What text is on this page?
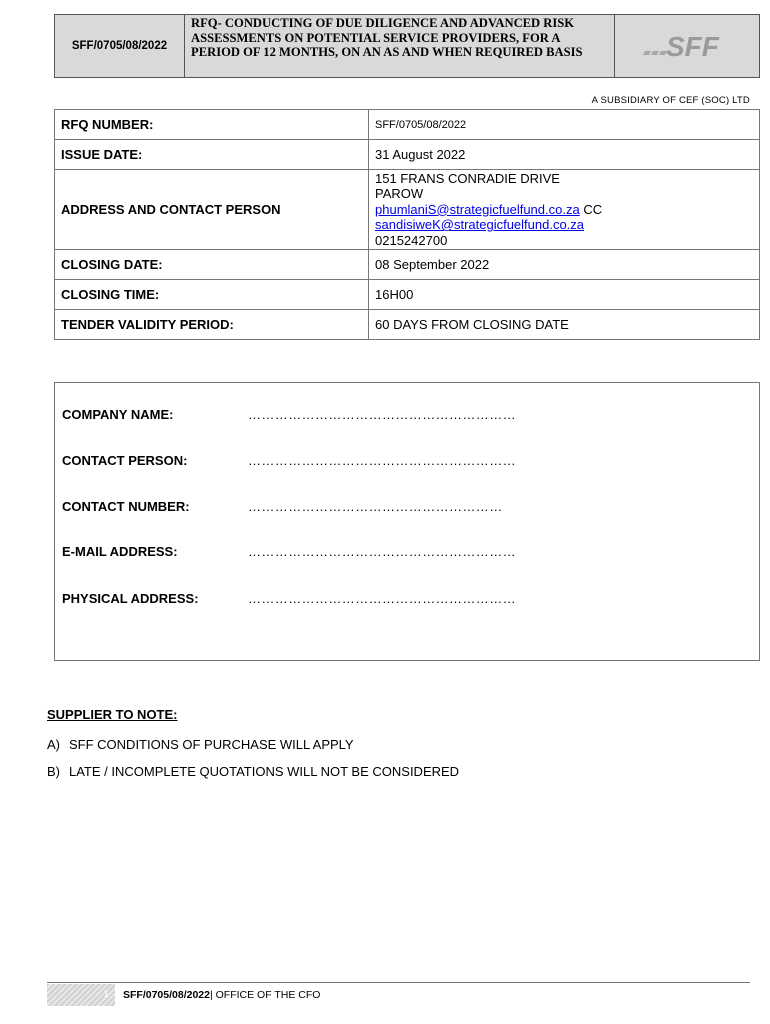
SFF/0705/08/2022
RFQ- CONDUCTING OF DUE DILIGENCE AND ADVANCED RISK ASSESSMENTS ON POTENTIAL SERVICE PROVIDERS, FOR A PERIOD OF 12 MONTHS, ON AN AS AND WHEN REQUIRED BASIS	SFF
A SUBSIDIARY OF CEF (SOC) LTD
RFQ NUMBER:	SFF/0705/08/2022
ISSUE DATE:	31 August 2022
ADDRESS AND CONTACT PERSON	151 FRANS CONRADIE DRIVE
PAROW
phumlaniS@strategicfuelfund.co.za CC
sandisiweK@strategicfuelfund.co.za
0215242700

CLOSING DATE:	08 September 2022
CLOSING TIME:	16H00
TENDER VALIDITY PERIOD:	60 DAYS FROM CLOSING DATE
COMPANY NAME:	……………………………………………………
CONTACT PERSON:	……………………………………………………
CONTACT NUMBER:	…………………………………………………
E-MAIL ADDRESS:	……………………………………………………
PHYSICAL ADDRESS:	……………………………………………………
SUPPLIER TO NOTE:
A) SFF CONDITIONS OF PURCHASE WILL APPLY
B) LATE / INCOMPLETE QUOTATIONS WILL NOT BE CONSIDERED
1	SFF/0705/08/2022| OFFICE OF THE CFO
